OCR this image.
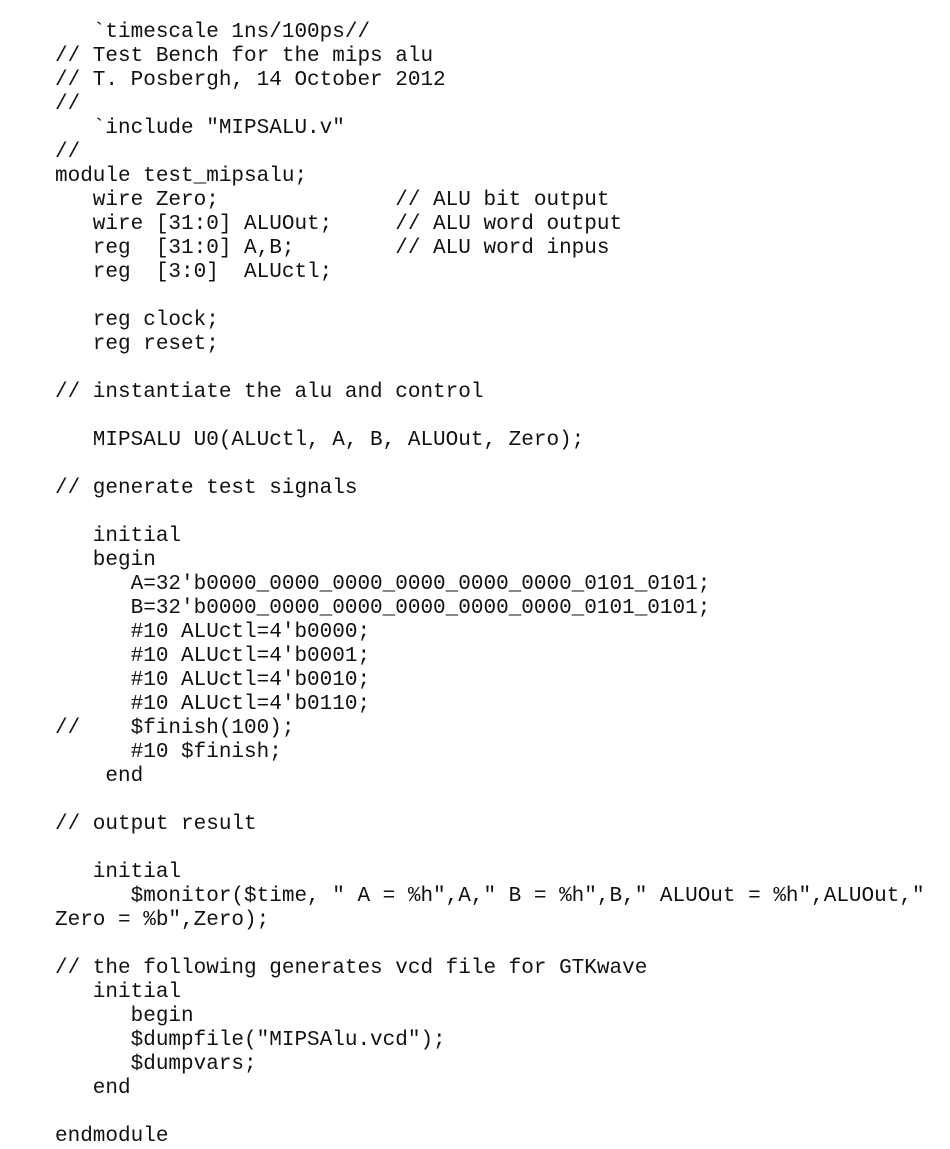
`timescale 1ns/100ps//
// Test Bench for the mips alu
// T. Posbergh, 14 October 2012
//
`include "MIPSALU.v"
//
module test_mipsalu;
wire Zero;              // ALU bit output
wire [31:0] ALUOut;     // ALU word output
reg  [31:0] A,B;        // ALU word inpus
reg  [3:0]  ALUctl;

reg clock;
reg reset;

// instantiate the alu and control

MIPSALU U0(ALUctl, A, B, ALUOut, Zero);

// generate test signals

initial
begin
A=32'b0000_0000_0000_0000_0000_0000_0101_0101;
B=32'b0000_0000_0000_0000_0000_0000_0101_0101;
#10 ALUctl=4'b0000;
#10 ALUctl=4'b0001;
#10 ALUctl=4'b0010;
#10 ALUctl=4'b0110;
//    $finish(100);
#10 $finish;
end

// output result

initial
$monitor($time, " A = %h",A," B = %h",B," ALUOut = %h",ALUOut,"
Zero = %b",Zero);

// the following generates vcd file for GTKwave
initial
begin
$dumpfile("MIPSAlu.vcd");
$dumpvars;
end

endmodule
